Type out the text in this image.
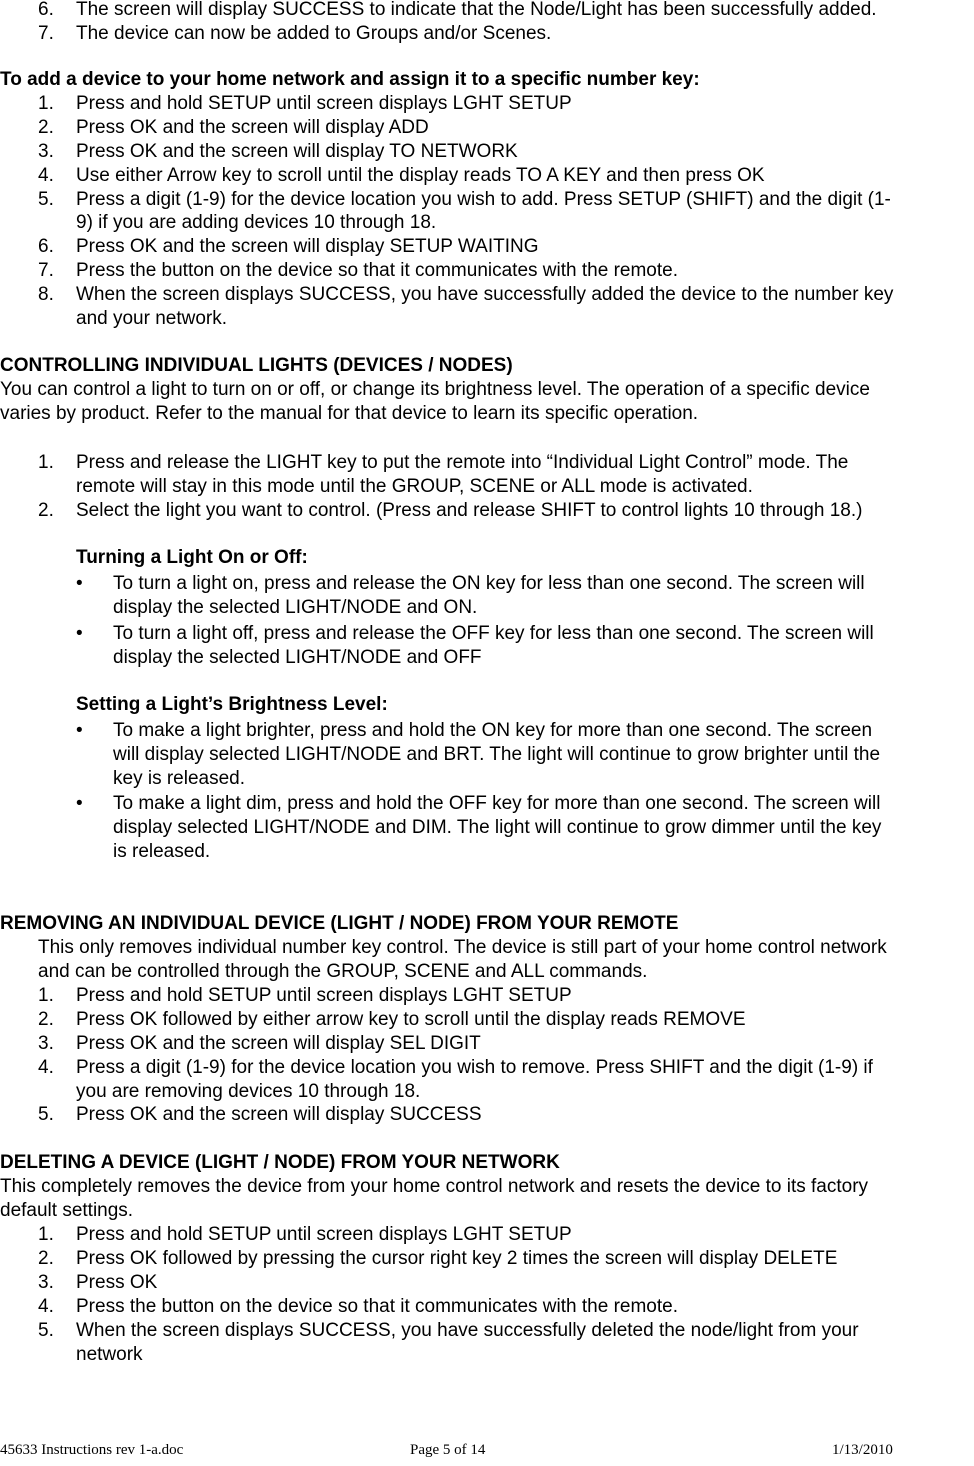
6. The screen will display SUCCESS to indicate that the Node/Light has been successfully added.
7. The device can now be added to Groups and/or Scenes.
To add a device to your home network and assign it to a specific number key:
1. Press and hold SETUP until screen displays LGHT SETUP
2. Press OK and the screen will display ADD
3. Press OK and the screen will display TO NETWORK
4. Use either Arrow key to scroll until the display reads TO A KEY and then press OK
5. Press a digit (1-9) for the device location you wish to add. Press SETUP (SHIFT) and the digit (1-
9) if you are adding devices 10 through 18.
6. Press OK and the screen will display SETUP WAITING
7. Press the button on the device so that it communicates with the remote.
8. When the screen displays SUCCESS, you have successfully added the device to the number key
and your network.
CONTROLLING INDIVIDUAL LIGHTS (DEVICES / NODES)
You can control a light to turn on or off, or change its brightness level. The operation of a specific device
varies by product. Refer to the manual for that device to learn its specific operation.
1. Press and release the LIGHT key to put the remote into “Individual Light Control” mode. The
remote will stay in this mode until the GROUP, SCENE or ALL mode is activated.
2. Select the light you want to control. (Press and release SHIFT to control lights 10 through 18.)
Turning a Light On or Off:
• To turn a light on, press and release the ON key for less than one second. The screen will
display the selected LIGHT/NODE and ON.
• To turn a light off, press and release the OFF key for less than one second. The screen will
display the selected LIGHT/NODE and OFF
Setting a Light’s Brightness Level:
• To make a light brighter, press and hold the ON key for more than one second. The screen
will display selected LIGHT/NODE and BRT. The light will continue to grow brighter until the
key is released.
• To make a light dim, press and hold the OFF key for more than one second. The screen will
display selected LIGHT/NODE and DIM. The light will continue to grow dimmer until the key
is released.
REMOVING AN INDIVIDUAL DEVICE (LIGHT / NODE) FROM YOUR REMOTE
This only removes individual number key control. The device is still part of your home control network
and can be controlled through the GROUP, SCENE and ALL commands.
1. Press and hold SETUP until screen displays LGHT SETUP
2. Press OK followed by either arrow key to scroll until the display reads REMOVE
3. Press OK and the screen will display SEL DIGIT
4. Press a digit (1-9) for the device location you wish to remove. Press SHIFT and the digit (1-9) if
you are removing devices 10 through 18.
5. Press OK and the screen will display SUCCESS
DELETING A DEVICE (LIGHT / NODE) FROM YOUR NETWORK
This completely removes the device from your home control network and resets the device to its factory
default settings.
1. Press and hold SETUP until screen displays LGHT SETUP
2. Press OK followed by pressing the cursor right key 2 times the screen will display DELETE
3. Press OK
4. Press the button on the device so that it communicates with the remote.
5. When the screen displays SUCCESS, you have successfully deleted the node/light from your
network
45633 Instructions rev 1-a.doc	Page 5 of 14	1/13/2010
